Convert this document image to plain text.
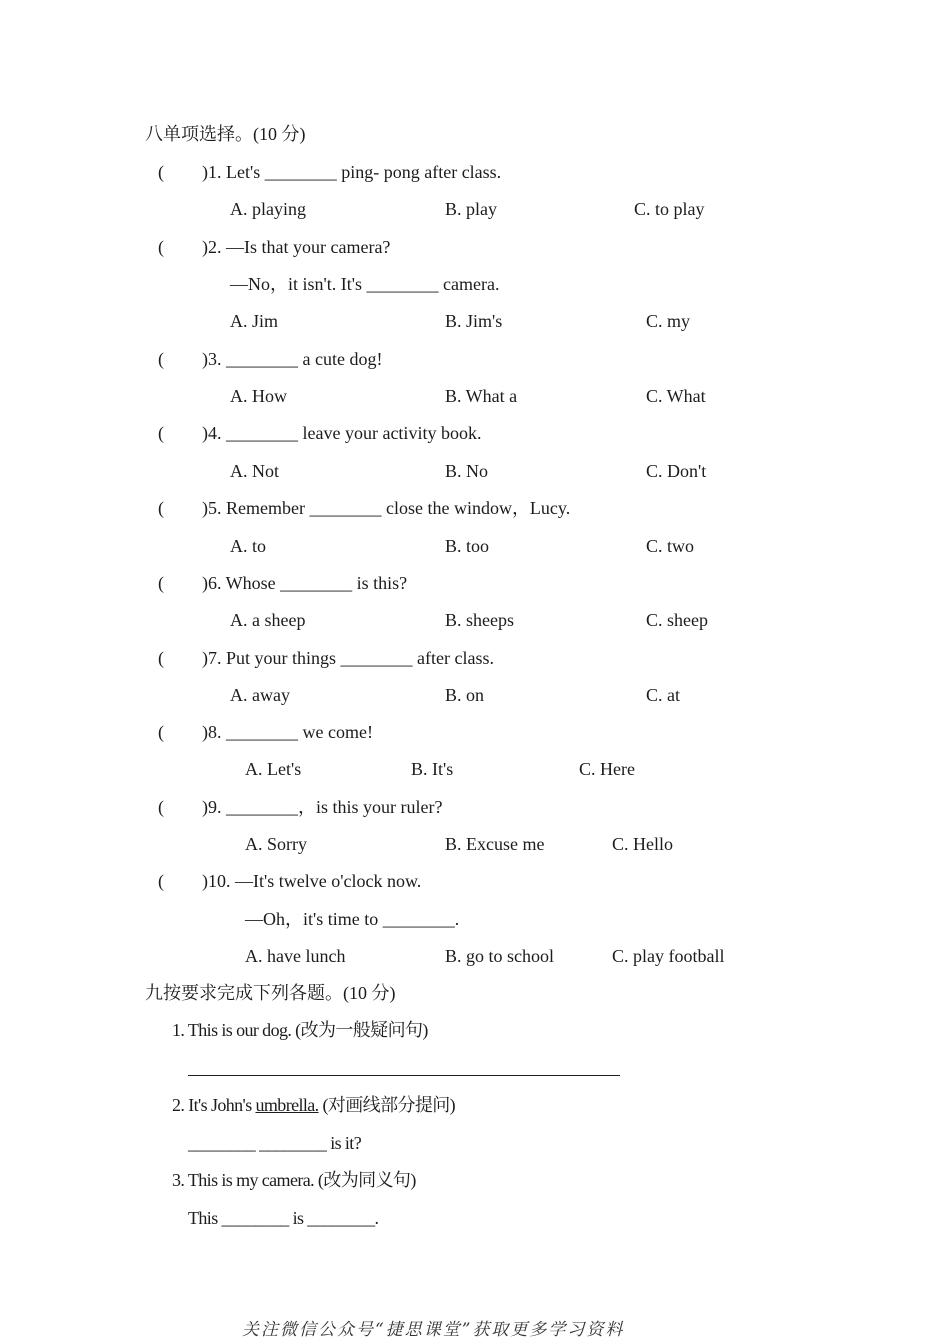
八单项选择。(10 分)
( )1. Let's ________ ping- pong after class.
A. playing	B. play	C. to play
( )2. —Is that your camera?
—No，it isn't. It's ________ camera.
A. Jim	B. Jim's	C. my
( )3. ________ a cute dog!
A. How	B. What a	C. What
( )4. ________ leave your activity book.
A. Not	B. No	C. Don't
( )5. Remember ________ close the window，Lucy.
A. to	B. too	C. two
( )6. Whose ________ is this?
A. a sheep	B. sheeps	C. sheep
( )7. Put your things ________ after class.
A. away	B. on	C. at
( )8. ________ we come!
A. Let's	B. It's	C. Here
( )9. ________，is this your ruler?
A. Sorry	B. Excuse me	C. Hello
( )10. —It's twelve o'clock now.
—Oh，it's time to ________.
A. have lunch	B. go to school	C. play football
九按要求完成下列各题。(10 分)
1. This is our dog. (改为一般疑问句)
2. It's John's umbrella. (对画线部分提问)
________ ________ is it?
3. This is my camera. (改为同义句)
This ________ is ________.
关注微信公众号“捷思课堂”获取更多学习资料
